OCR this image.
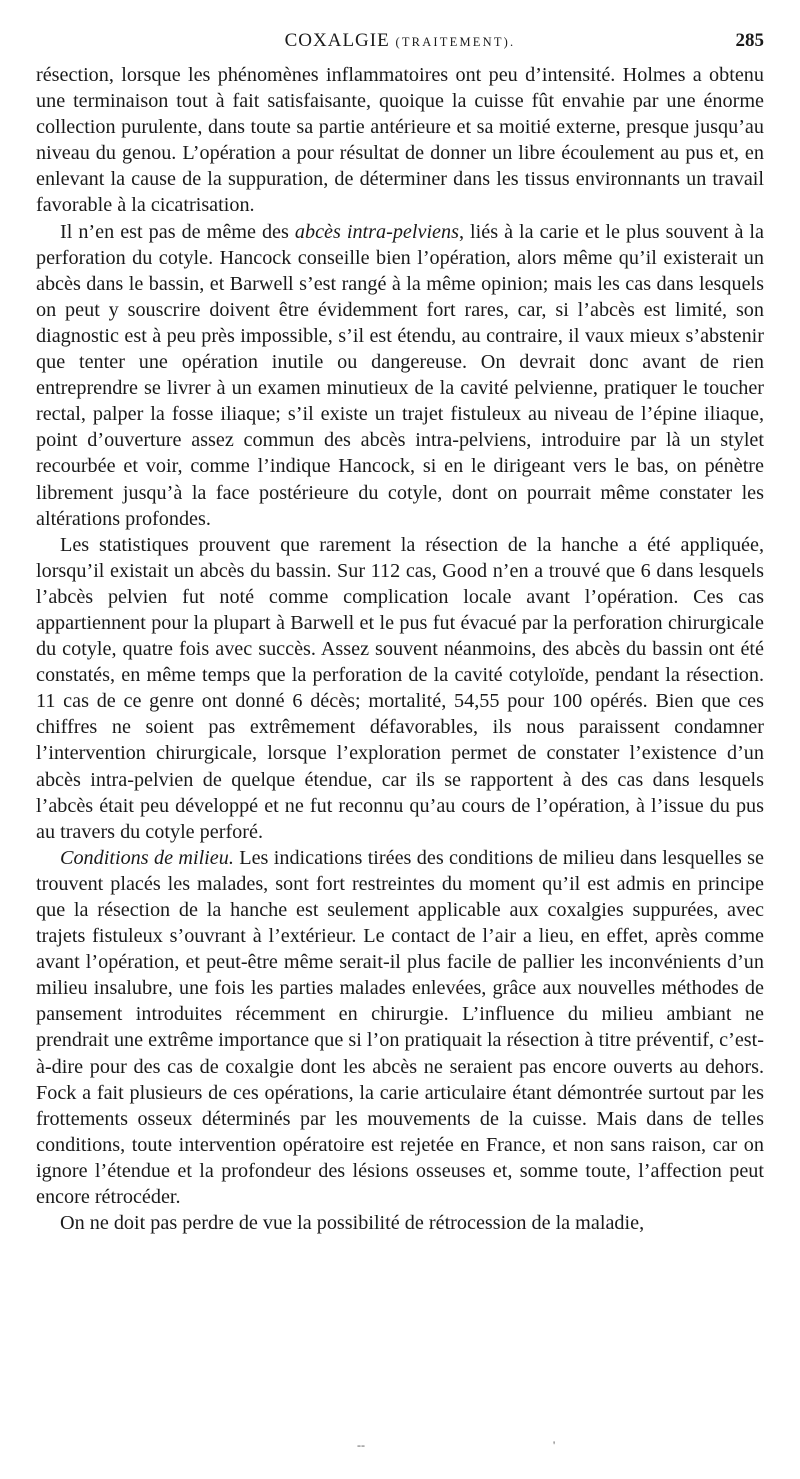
COXALGIE (TRAITEMENT).	285

résection, lorsque les phénomènes inflammatoires ont peu d’intensité. Holmes a obtenu une terminaison tout à fait satisfaisante, quoique la cuisse fût envahie par une énorme collection purulente, dans toute sa partie antérieure et sa moitié externe, presque jusqu’au niveau du genou. L’opération a pour résultat de donner un libre écoulement au pus et, en enlevant la cause de la suppuration, de déterminer dans les tissus environnants un travail favorable à la cicatrisation.

Il n’en est pas de même des abcès intra-pelviens, liés à la carie et le plus souvent à la perforation du cotyle. Hancock conseille bien l’opération, alors même qu’il existerait un abcès dans le bassin, et Barwell s’est rangé à la même opinion; mais les cas dans lesquels on peut y souscrire doivent être évidemment fort rares, car, si l’abcès est limité, son diagnostic est à peu près impossible, s’il est étendu, au contraire, il vaux mieux s’abstenir que tenter une opération inutile ou dangereuse. On devrait donc avant de rien entreprendre se livrer à un examen minutieux de la cavité pelvienne, pratiquer le toucher rectal, palper la fosse iliaque; s’il existe un trajet fistuleux au niveau de l’épine iliaque, point d’ouverture assez commun des abcès intra-pelviens, introduire par là un stylet recourbée et voir, comme l’indique Hancock, si en le dirigeant vers le bas, on pénètre librement jusqu’à la face postérieure du cotyle, dont on pourrait même constater les altérations profondes.

Les statistiques prouvent que rarement la résection de la hanche a été appliquée, lorsqu’il existait un abcès du bassin. Sur 112 cas, Good n’en a trouvé que 6 dans lesquels l’abcès pelvien fut noté comme complication locale avant l’opération. Ces cas appartiennent pour la plupart à Barwell et le pus fut évacué par la perforation chirurgicale du cotyle, quatre fois avec succès. Assez souvent néanmoins, des abcès du bassin ont été constatés, en même temps que la perforation de la cavité cotyloïde, pendant la résection. 11 cas de ce genre ont donné 6 décès; mortalité, 54,55 pour 100 opérés. Bien que ces chiffres ne soient pas extrêmement défavorables, ils nous paraissent condamner l’intervention chirurgicale, lorsque l’exploration permet de constater l’existence d’un abcès intra-pelvien de quelque étendue, car ils se rapportent à des cas dans lesquels l’abcès était peu développé et ne fut reconnu qu’au cours de l’opération, à l’issue du pus au travers du cotyle perforé.

Conditions de milieu. Les indications tirées des conditions de milieu dans lesquelles se trouvent placés les malades, sont fort restreintes du moment qu’il est admis en principe que la résection de la hanche est seulement applicable aux coxalgies suppurées, avec trajets fistuleux s’ouvrant à l’extérieur. Le contact de l’air a lieu, en effet, après comme avant l’opération, et peut-être même serait-il plus facile de pallier les inconvénients d’un milieu insalubre, une fois les parties malades enlevées, grâce aux nouvelles méthodes de pansement introduites récemment en chirurgie. L’influence du milieu ambiant ne prendrait une extrême importance que si l’on pratiquait la résection à titre préventif, c’est-à-dire pour des cas de coxalgie dont les abcès ne seraient pas encore ouverts au dehors. Fock a fait plusieurs de ces opérations, la carie articulaire étant démontrée surtout par les frottements osseux déterminés par les mouvements de la cuisse. Mais dans de telles conditions, toute intervention opératoire est rejetée en France, et non sans raison, car on ignore l’étendue et la profondeur des lésions osseuses et, somme toute, l’affection peut encore rétrocéder.

On ne doit pas perdre de vue la possibilité de rétrocession de la maladie,

--	'
